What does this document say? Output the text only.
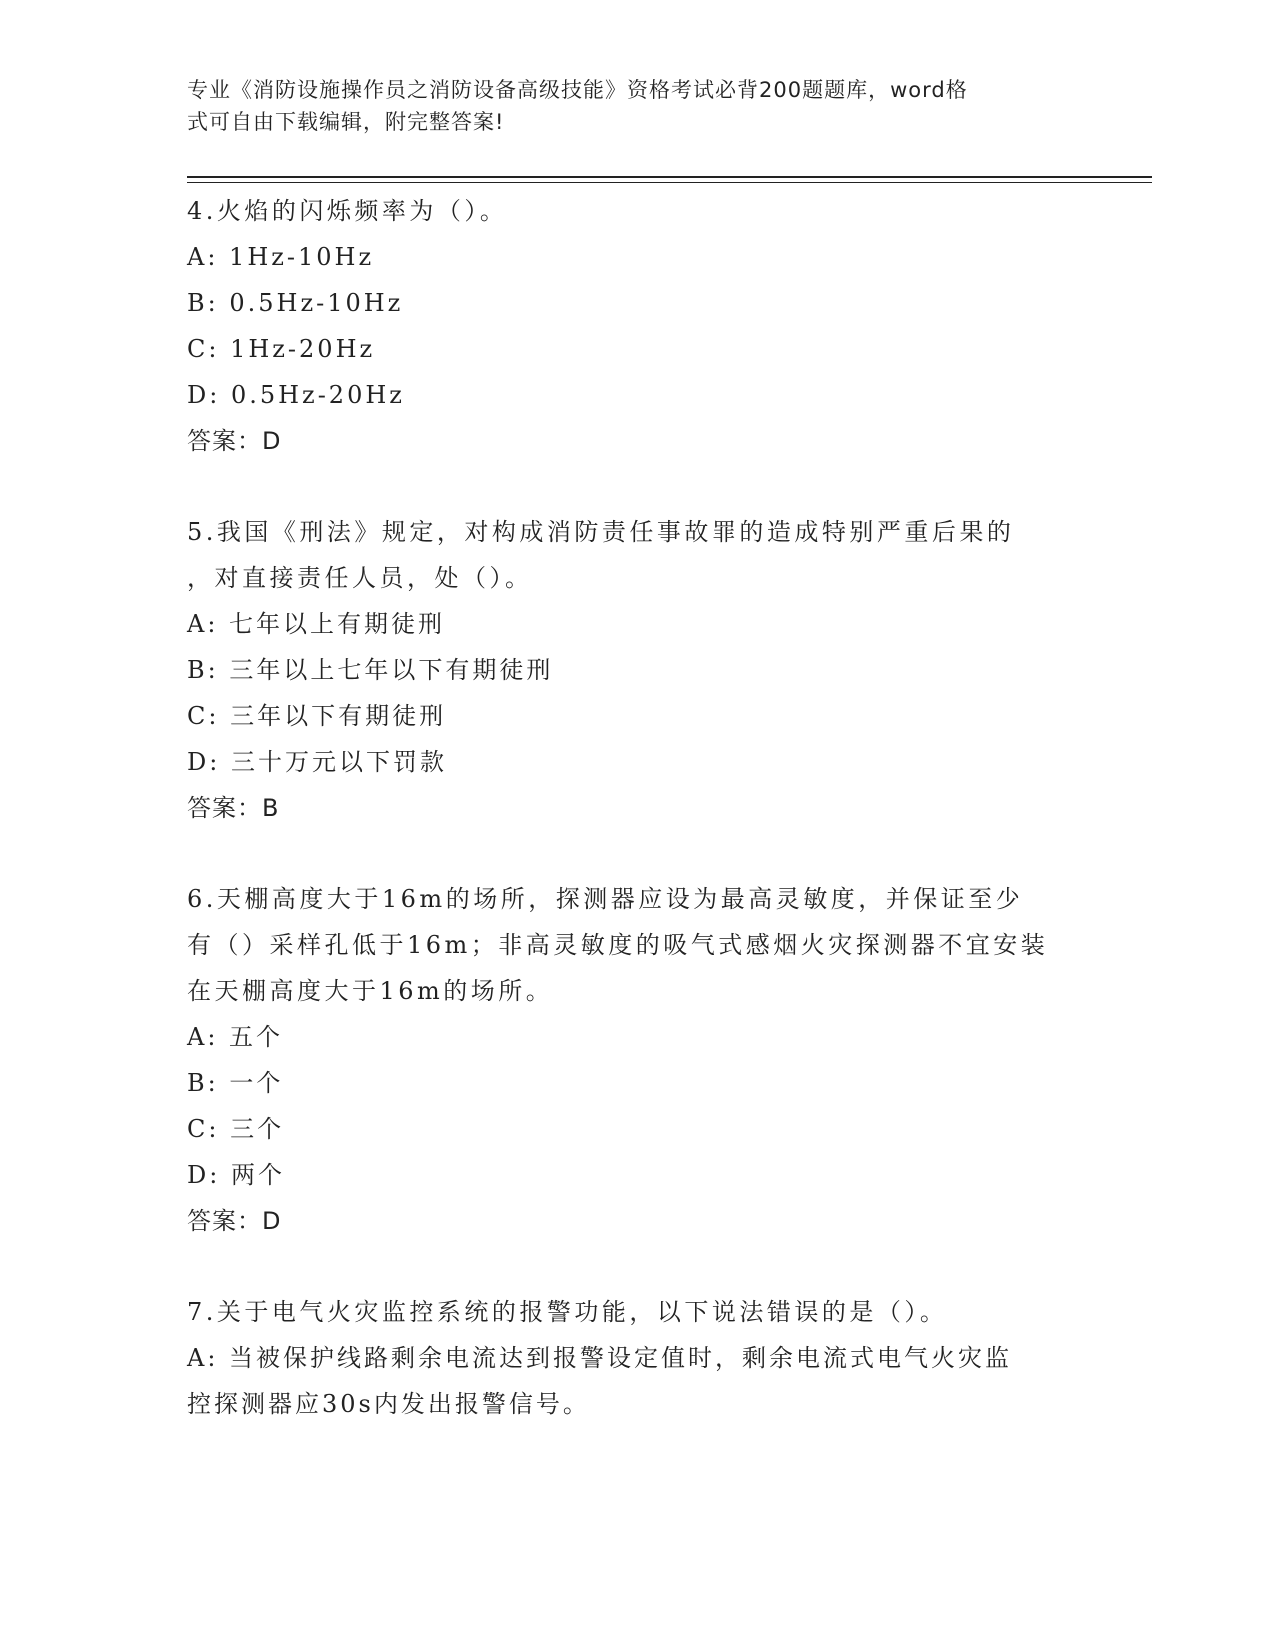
专业《消防设施操作员之消防设备高级技能》资格考试必背200题题库，word格
式可自由下载编辑，附完整答案!
4.火焰的闪烁频率为（）。
A: 1Hz-10Hz
B: 0.5Hz-10Hz
C: 1Hz-20Hz
D: 0.5Hz-20Hz
答案：D
5.我国《刑法》规定，对构成消防责任事故罪的造成特别严重后果的
，对直接责任人员，处（）。
A: 七年以上有期徒刑
B: 三年以上七年以下有期徒刑
C: 三年以下有期徒刑
D: 三十万元以下罚款
答案：B
6.天棚高度大于16m的场所，探测器应设为最高灵敏度，并保证至少
有（）采样孔低于16m；非高灵敏度的吸气式感烟火灾探测器不宜安装
在天棚高度大于16m的场所。
A: 五个
B: 一个
C: 三个
D: 两个
答案：D
7.关于电气火灾监控系统的报警功能，以下说法错误的是（）。
A: 当被保护线路剩余电流达到报警设定值时，剩余电流式电气火灾监
控探测器应30s内发出报警信号。
